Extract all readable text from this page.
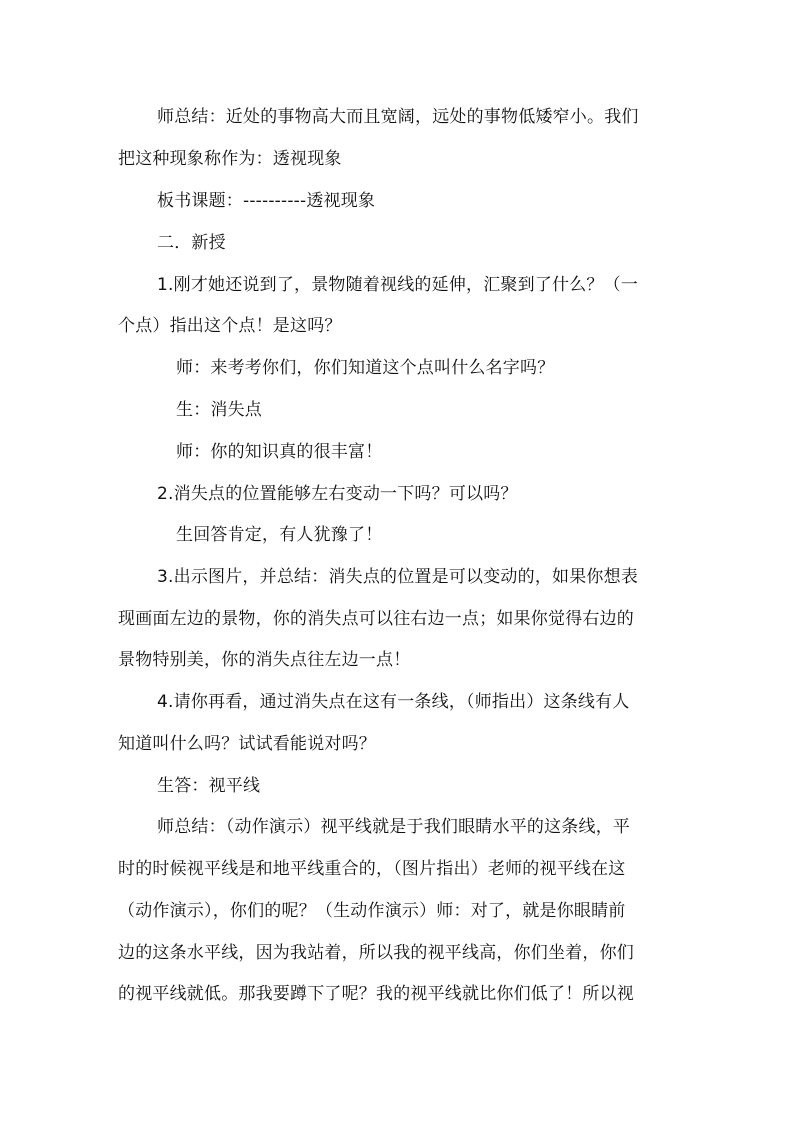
师总结：近处的事物高大而且宽阔，远处的事物低矮窄小。我们
把这种现象称作为：透视现象
板书课题：----------透视现象
二．新授
1.刚才她还说到了，景物随着视线的延伸，汇聚到了什么？（一
个点）指出这个点！是这吗？
师：来考考你们，你们知道这个点叫什么名字吗？
生：消失点
师：你的知识真的很丰富！
2.消失点的位置能够左右变动一下吗？可以吗？
生回答肯定，有人犹豫了！
3.出示图片，并总结：消失点的位置是可以变动的，如果你想表
现画面左边的景物，你的消失点可以往右边一点；如果你觉得右边的
景物特别美，你的消失点往左边一点！
4.请你再看，通过消失点在这有一条线，（师指出）这条线有人
知道叫什么吗？试试看能说对吗？
生答：视平线
师总结：（动作演示）视平线就是于我们眼睛水平的这条线，平
时的时候视平线是和地平线重合的，（图片指出）老师的视平线在这
（动作演示），你们的呢？（生动作演示）师：对了，就是你眼睛前
边的这条水平线，因为我站着，所以我的视平线高，你们坐着，你们
的视平线就低。那我要蹲下了呢？我的视平线就比你们低了！所以视
